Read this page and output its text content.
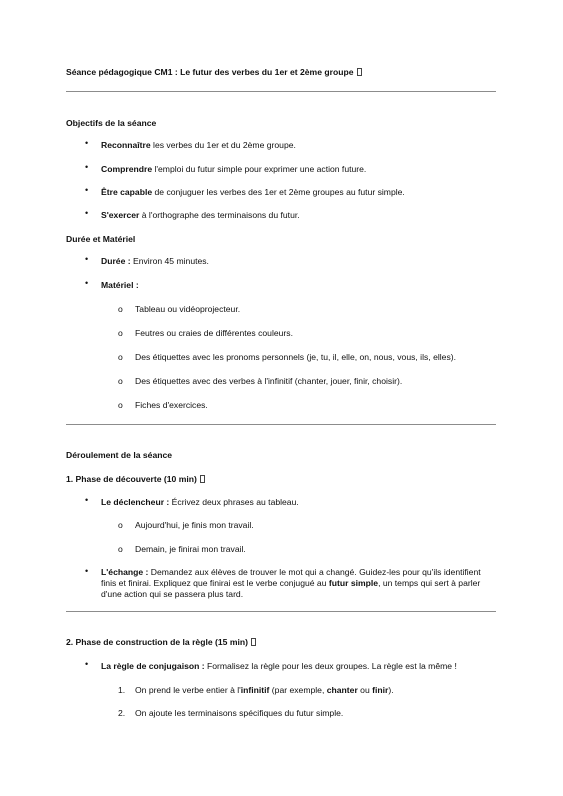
Séance pédagogique CM1 : Le futur des verbes du 1er et 2ème groupe
Objectifs de la séance
• Reconnaître les verbes du 1er et du 2ème groupe.
• Comprendre l'emploi du futur simple pour exprimer une action future.
• Être capable de conjuguer les verbes des 1er et 2ème groupes au futur simple.
• S'exercer à l'orthographe des terminaisons du futur.
Durée et Matériel
• Durée : Environ 45 minutes.
• Matériel :
o Tableau ou vidéoprojecteur.
o Feutres ou craies de différentes couleurs.
o Des étiquettes avec les pronoms personnels (je, tu, il, elle, on, nous, vous, ils, elles).
o Des étiquettes avec des verbes à l'infinitif (chanter, jouer, finir, choisir).
o Fiches d'exercices.
Déroulement de la séance
1. Phase de découverte (10 min)
• Le déclencheur : Écrivez deux phrases au tableau.
o Aujourd'hui, je finis mon travail.
o Demain, je finirai mon travail.
• L'échange : Demandez aux élèves de trouver le mot qui a changé. Guidez-les pour qu'ils identifient finis et finirai. Expliquez que finirai est le verbe conjugué au futur simple, un temps qui sert à parler d'une action qui se passera plus tard.
2. Phase de construction de la règle (15 min)
• La règle de conjugaison : Formalisez la règle pour les deux groupes. La règle est la même !
1. On prend le verbe entier à l'infinitif (par exemple, chanter ou finir).
2. On ajoute les terminaisons spécifiques du futur simple.
